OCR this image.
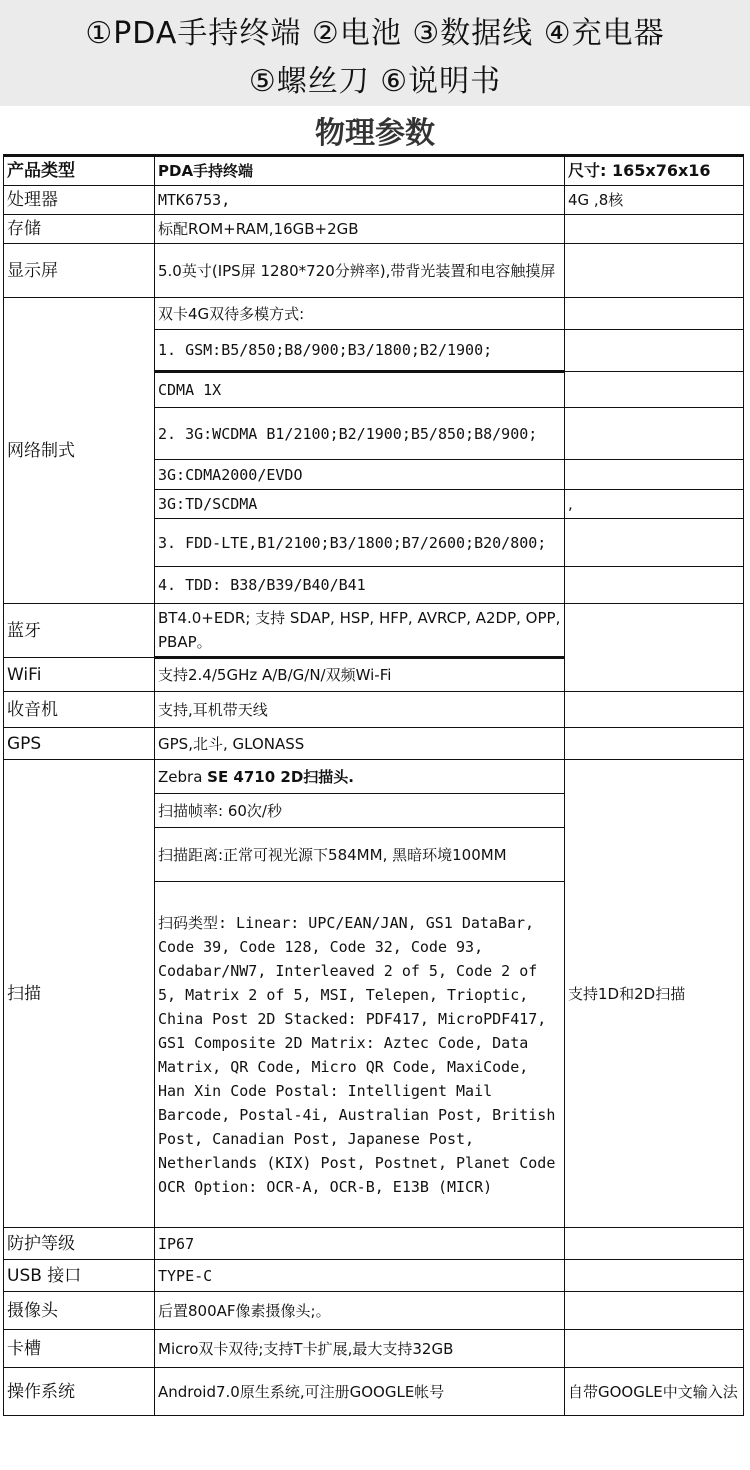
①PDA手持终端 ②电池 ③数据线 ④充电器
⑤螺丝刀 ⑥说明书
物理参数
产品类型	PDA手持终端	尺寸: 165x76x16
处理器	MTK6753,	4G ,8核
存储	标配ROM+RAM,16GB+2GB	
显示屏	5.0英寸(IPS屏 1280*720分辨率),带背光装置和电容触摸屏	
网络制式	双卡4G双待多模方式:	
	1. GSM:B5/850;B8/900;B3/1800;B2/1900;	
	CDMA 1X	
	2. 3G:WCDMA B1/2100;B2/1900;B5/850;B8/900;	
	3G:CDMA2000/EVDO	
	3G:TD/SCDMA	,
	3. FDD-LTE,B1/2100;B3/1800;B7/2600;B20/800;	
	4. TDD: B38/B39/B40/B41	
蓝牙	BT4.0+EDR; 支持 SDAP, HSP, HFP, AVRCP, A2DP, OPP, PBAP。	
WiFi	支持2.4/5GHz A/B/G/N/双频Wi-Fi	
收音机	支持,耳机带天线	
GPS	GPS,北斗, GLONASS	
扫描	Zebra SE 4710 2D扫描头.	支持1D和2D扫描
	扫描帧率: 60次/秒	
	扫描距离:正常可视光源下584MM, 黑暗环境100MM	
	扫码类型: Linear: UPC/EAN/JAN, GS1 DataBar, Code 39, Code 128, Code 32, Code 93, Codabar/NW7, Interleaved 2 of 5, Code 2 of 5, Matrix 2 of 5, MSI, Telepen, Trioptic, China Post 2D Stacked: PDF417, MicroPDF417, GS1 Composite 2D Matrix: Aztec Code, Data Matrix, QR Code, Micro QR Code, MaxiCode, Han Xin Code Postal: Intelligent Mail Barcode, Postal-4i, Australian Post, British Post, Canadian Post, Japanese Post, Netherlands (KIX) Post, Postnet, Planet Code OCR Option: OCR-A, OCR-B, E13B (MICR)	
防护等级	IP67	
USB 接口	TYPE-C	
摄像头	后置800AF像素摄像头;。	
卡槽	Micro双卡双待;支持T卡扩展,最大支持32GB	
操作系统	Android7.0原生系统,可注册GOOGLE帐号	自带GOOGLE中文输入法
